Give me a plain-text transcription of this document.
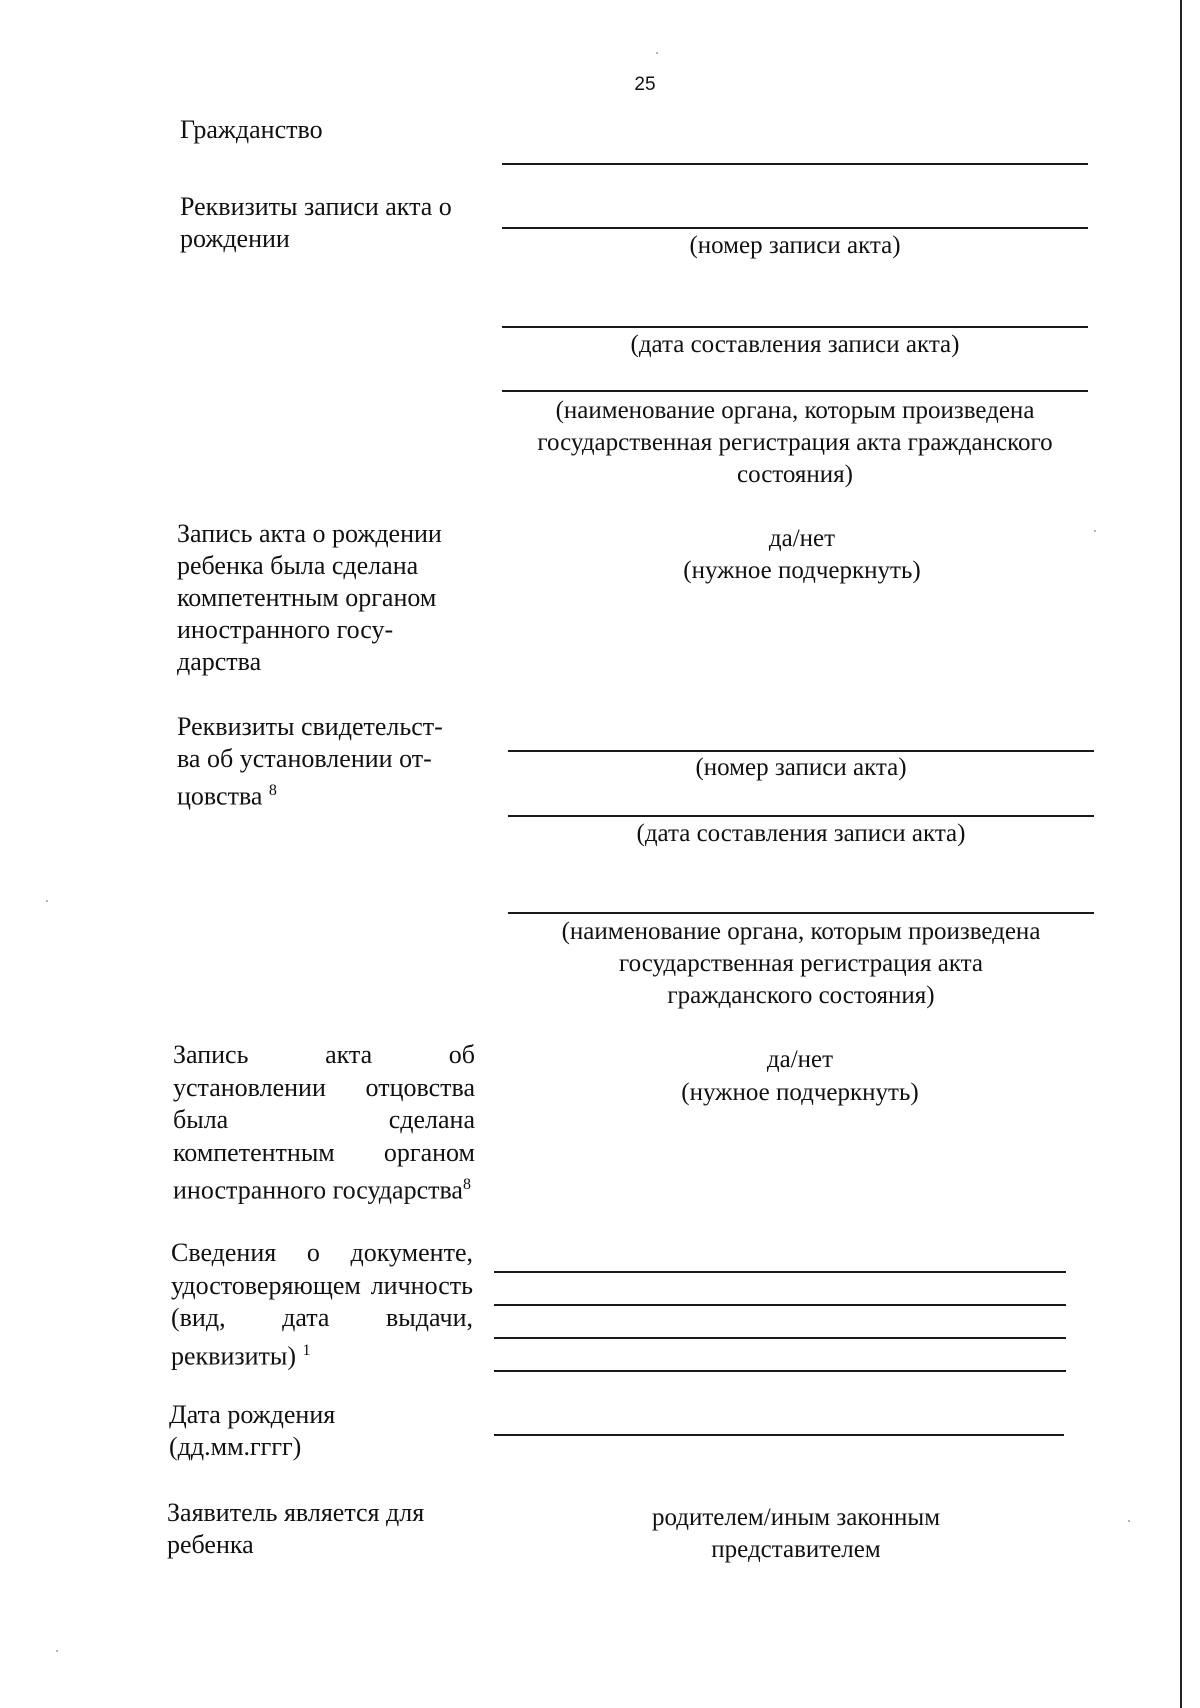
25
Гражданство
Реквизиты записи акта о
рождении	(номер записи акта)
(дата составления записи акта)
(наименование органа, которым произведена
государственная регистрация акта гражданского
состояния)
Запись акта о рождении
ребенка была сделана
компетентным органом
иностранного госу-
дарства
да/нет
(нужное подчеркнуть)
Реквизиты свидетельст-
ва об установлении от-
цовства $^8$
(номер записи акта)
(дата составления записи акта)
(наименование органа, которым произведена
государственная регистрация акта
гражданского состояния)
Запись акта об установлении отцовства была сделана компетентным органом иностранного государства$^8$
да/нет
(нужное подчеркнуть)
Сведения о документе, удостоверяющем личность (вид, дата выдачи, реквизиты) $^1$
Дата рождения
(дд.мм.гггг)
Заявитель является для
ребенка
родителем/иным законным
представителем
